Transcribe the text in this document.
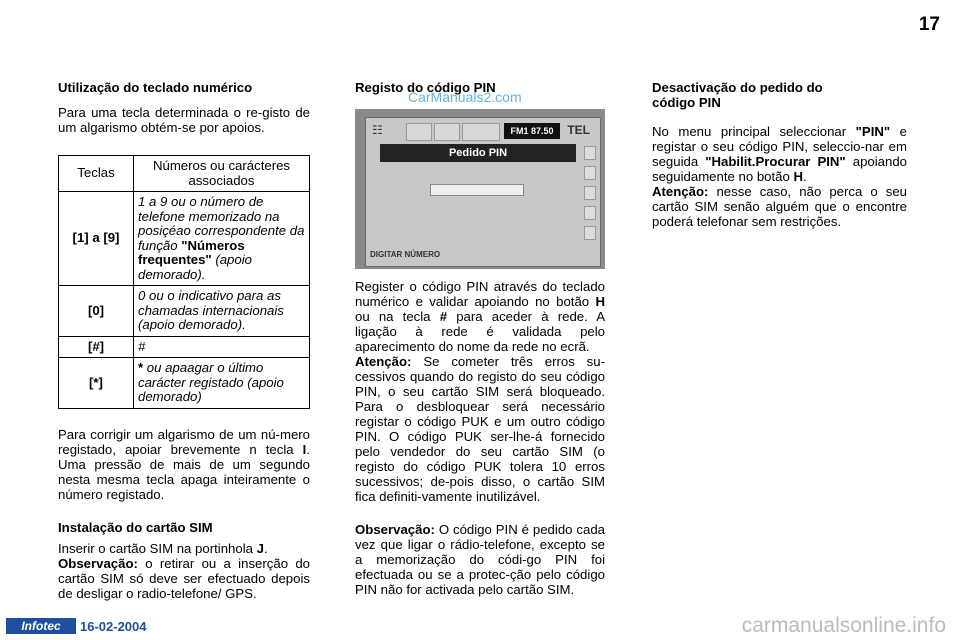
17
Utilização do teclado numérico

Para uma tecla determinada o re-gisto de um algarismo obtém-se por apoios.

Teclas	Números ou carácteres associados
[1] a [9]	1 a 9 ou o número de telefone memorizado na posiçéao correspondente da função "Números frequentes" (apoio demorado).
[0]	0 ou o indicativo para as chamadas internacionais (apoio demorado).
[#]	#
[*]	* ou apaagar o último carácter registado (apoio demorado)

Para corrigir um algarismo de um nú-mero registado, apoiar brevemente n tecla I. Uma pressão de mais de um segundo nesta mesma tecla apaga inteiramente o número registado.

Instalação do cartão SIM

Inserir o cartão SIM na portinhola J.

Observação: o retirar ou a inserção do cartão SIM só deve ser efectuado depois de desligar o radio-telefone/ GPS.

Registo do código PIN
☷	FM1 87.50	TEL
Pedido PIN
DIGITAR NÚMERO

Register o código PIN através do teclado numérico e validar apoiando no botão H ou na tecla # para aceder à rede. A ligação à rede é validada pelo aparecimento do nome da rede no ecrã.

Atenção: Se cometer três erros su-cessivos quando do registo do seu código PIN, o seu cartão SIM será bloqueado. Para o desbloquear será necessário registar o código PUK e um outro código PIN. O código PUK ser-lhe-á fornecido pelo vendedor do seu cartão SIM (o registo do código PUK tolera 10 erros sucessivos; de-pois disso, o cartão SIM fica definiti-vamente inutilizável.

Observação: O código PIN é pedido cada vez que ligar o rádio-telefone, excepto se a memorização do códi-go PIN foi efectuada ou se a protec-ção pelo código PIN não for activada pelo cartão SIM.

Desactivação do pedido do código PIN

No menu principal seleccionar "PIN" e registar o seu código PIN, seleccio-nar em seguida "Habilit.Procurar PIN" apoiando seguidamente no botão H.

Atenção: nesse caso, não perca o seu cartão SIM senão alguém que o encontre poderá telefonar sem restrições.

CarManuals2.com
Infotec	16-02-2004	carmanualsonline.info
